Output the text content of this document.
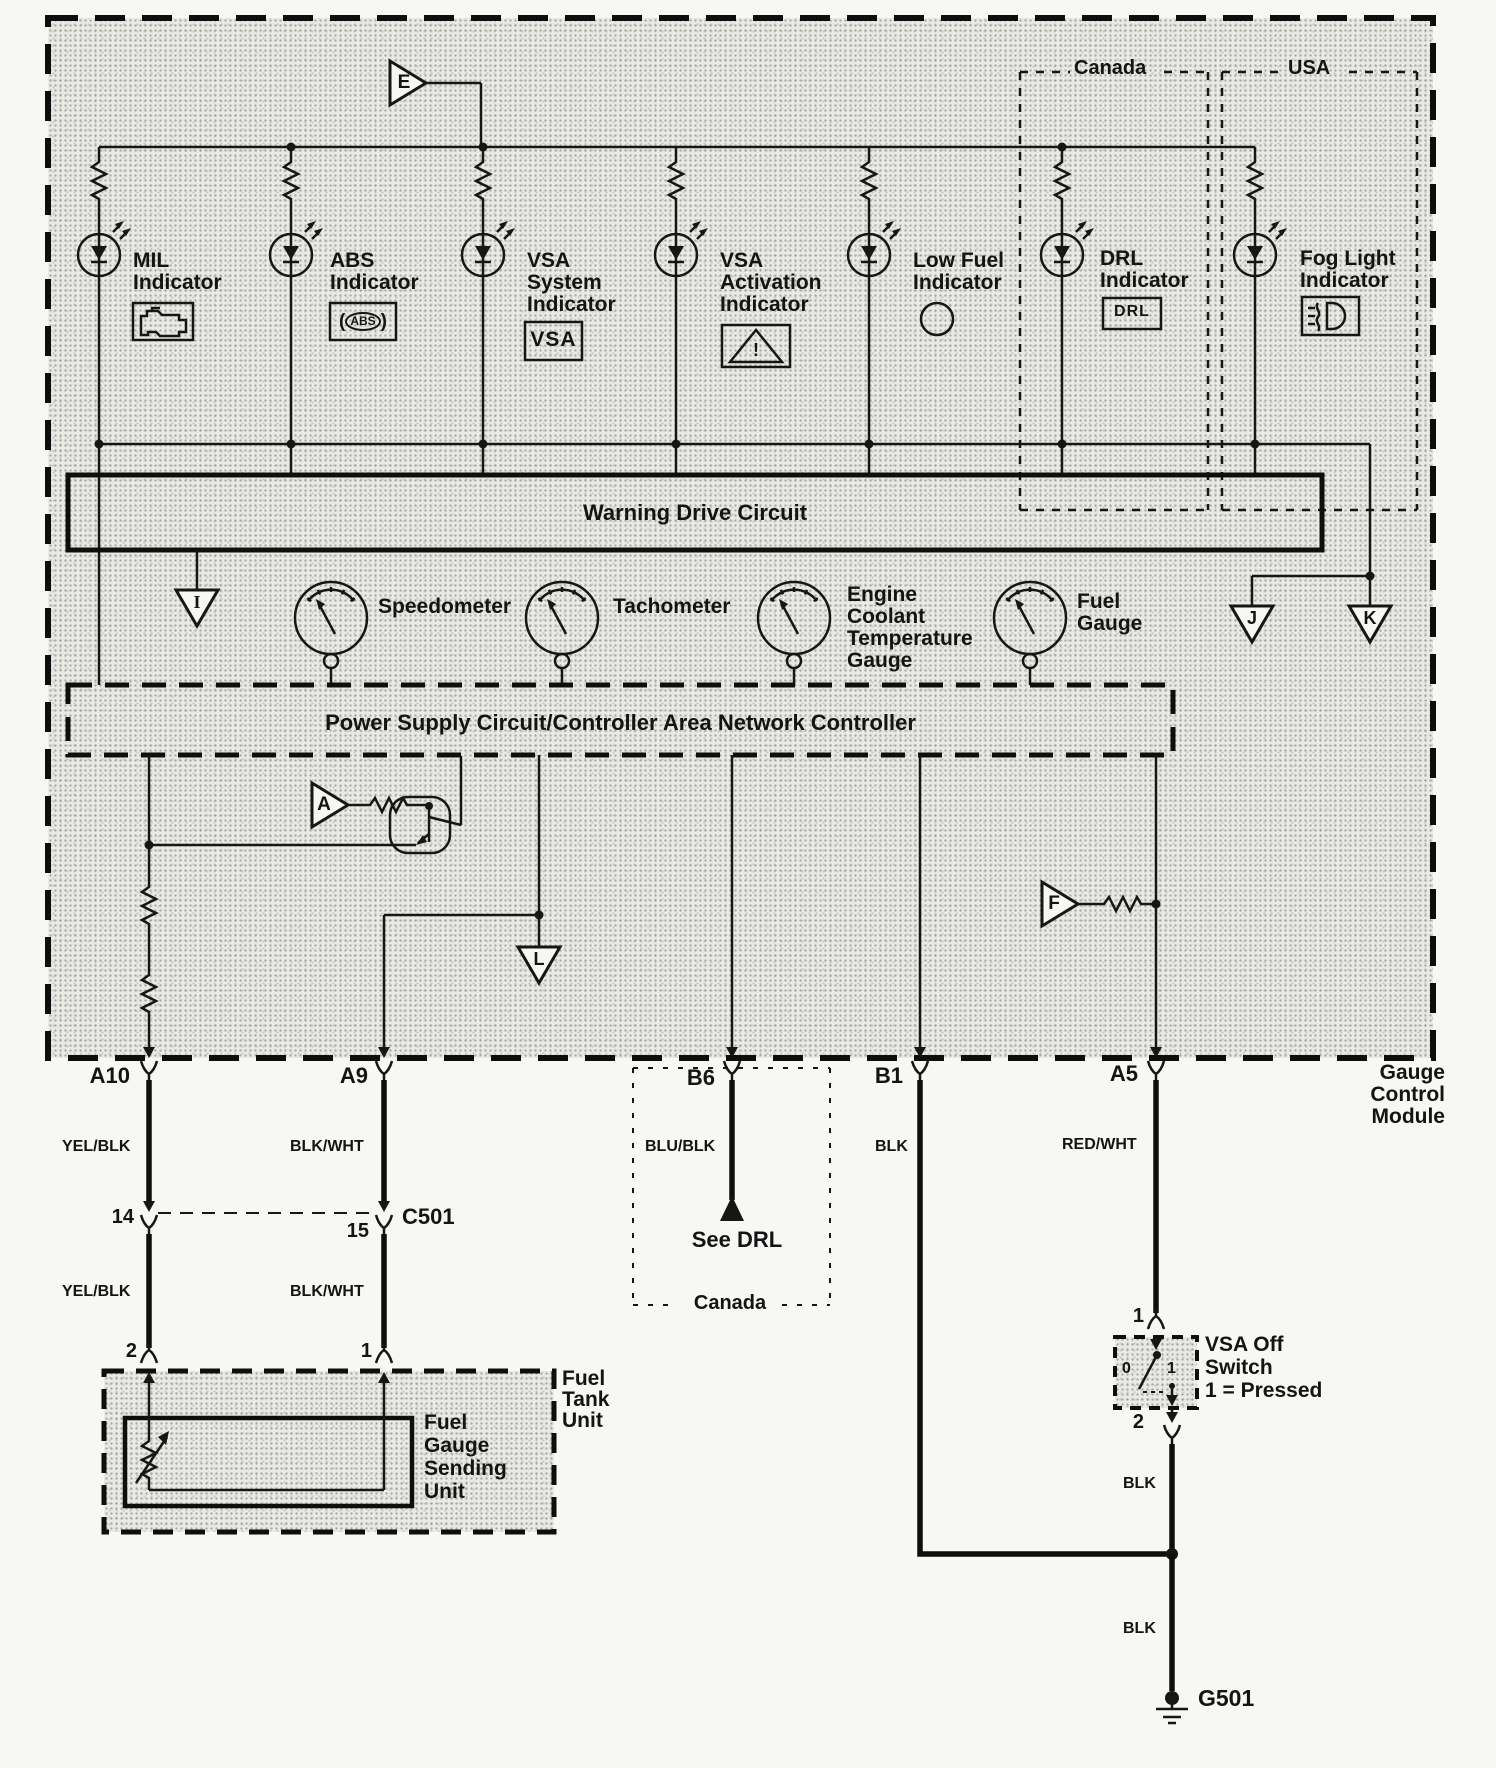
Canada	USA
MIL
Indicator
ABS
Indicator
VSA
System
Indicator
VSA
Activation
Indicator
Low Fuel
Indicator
DRL
Indicator
Fog Light
Indicator
( ABS )
VSA	!
DRL
Warning Drive Circuit
Power Supply Circuit/Controller Area Network Controller
E
I
J	K
L
A
F
Speedometer	Tachometer
Engine
Coolant
Temperature
Gauge
Fuel
Gauge
A10	A9	B6	B1	A5	Gauge
Control
Module
YEL/BLK	BLK/WHT
YEL/BLK	BLK/WHT
BLU/BLK	BLK	RED/WHT
BLK
BLK
14
15
C501
See DRL
Canada
2	1
Fuel
Gauge
Sending
Unit
Fuel
Tank
Unit
1
2
0 1
VSA Off
Switch
1 = Pressed
G501
